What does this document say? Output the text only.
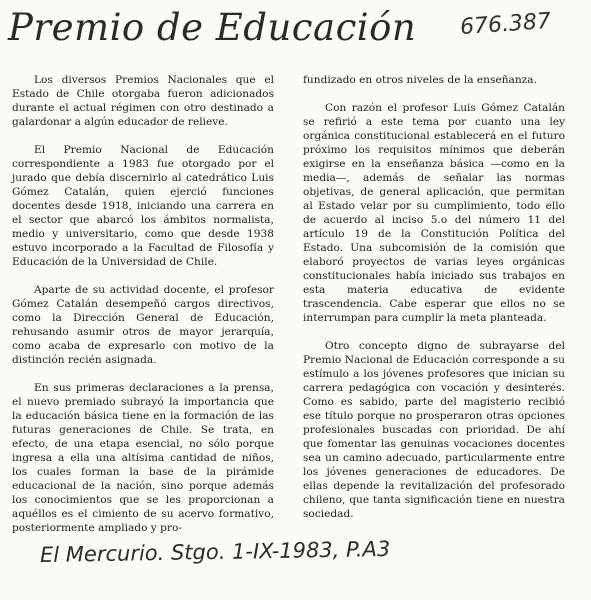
Premio de Educación 676.387

Los diversos Premios Nacionales que el Estado de Chile otorgaba fueron adicionados durante el actual régimen con otro destinado a galardonar a algún educador de relieve.

El Premio Nacional de Educación correspondiente a 1983 fue otorgado por el jurado que debía discernirlo al catedrático Luis Gómez Catalán, quien ejerció funciones docentes desde 1918, iniciando una carrera en el sector que abarcó los ámbitos normalista, medio y universitario, como que desde 1938 estuvo incorporado a la Facultad de Filosofía y Educación de la Universidad de Chile.

Aparte de su actividad docente, el profesor Gómez Catalán desempeñó cargos directivos, como la Dirección General de Educación, rehusando asumir otros de mayor jerarquía, como acaba de expresarlo con motivo de la distinción recién asignada.

En sus primeras declaraciones a la prensa, el nuevo premiado subrayó la importancia que la educación básica tiene en la formación de las futuras generaciones de Chile. Se trata, en efecto, de una etapa esencial, no sólo porque ingresa a ella una altísima cantidad de niños, los cuales forman la base de la pirámide educacional de la nación, sino porque además los conocimientos que se les proporcionan a aquéllos es el cimiento de su acervo formativo, posteriormente ampliado y pro-

fundizado en otros niveles de la enseñanza.

Con razón el profesor Luis Gómez Catalán se refirió a este tema por cuanto una ley orgánica constitucional establecerá en el futuro próximo los requisitos mínimos que deberán exigirse en la enseñanza básica —como en la media—, además de señalar las normas objetivas, de general aplicación, que permitan al Estado velar por su cumplimiento, todo ello de acuerdo al inciso 5.o del número 11 del artículo 19 de la Constitución Política del Estado. Una subcomisión de la comisión que elaboró proyectos de varias leyes orgánicas constitucionales había iniciado sus trabajos en esta materia educativa de evidente trascendencia. Cabe esperar que ellos no se interrumpan para cumplir la meta planteada.

Otro concepto digno de subrayarse del Premio Nacional de Educación corresponde a su estímulo a los jóvenes profesores que inician su carrera pedagógica con vocación y desinterés. Como es sabido, parte del magisterio recibió ese título porque no prosperaron otras opciones profesionales buscadas con prioridad. De ahí que fomentar las genuinas vocaciones docentes sea un camino adecuado, particularmente entre los jóvenes generaciones de educadores. De ellas depende la revitalización del profesorado chileno, que tanta significación tiene en nuestra sociedad.

El Mercurio. Stgo. 1-IX-1983, P.A3
